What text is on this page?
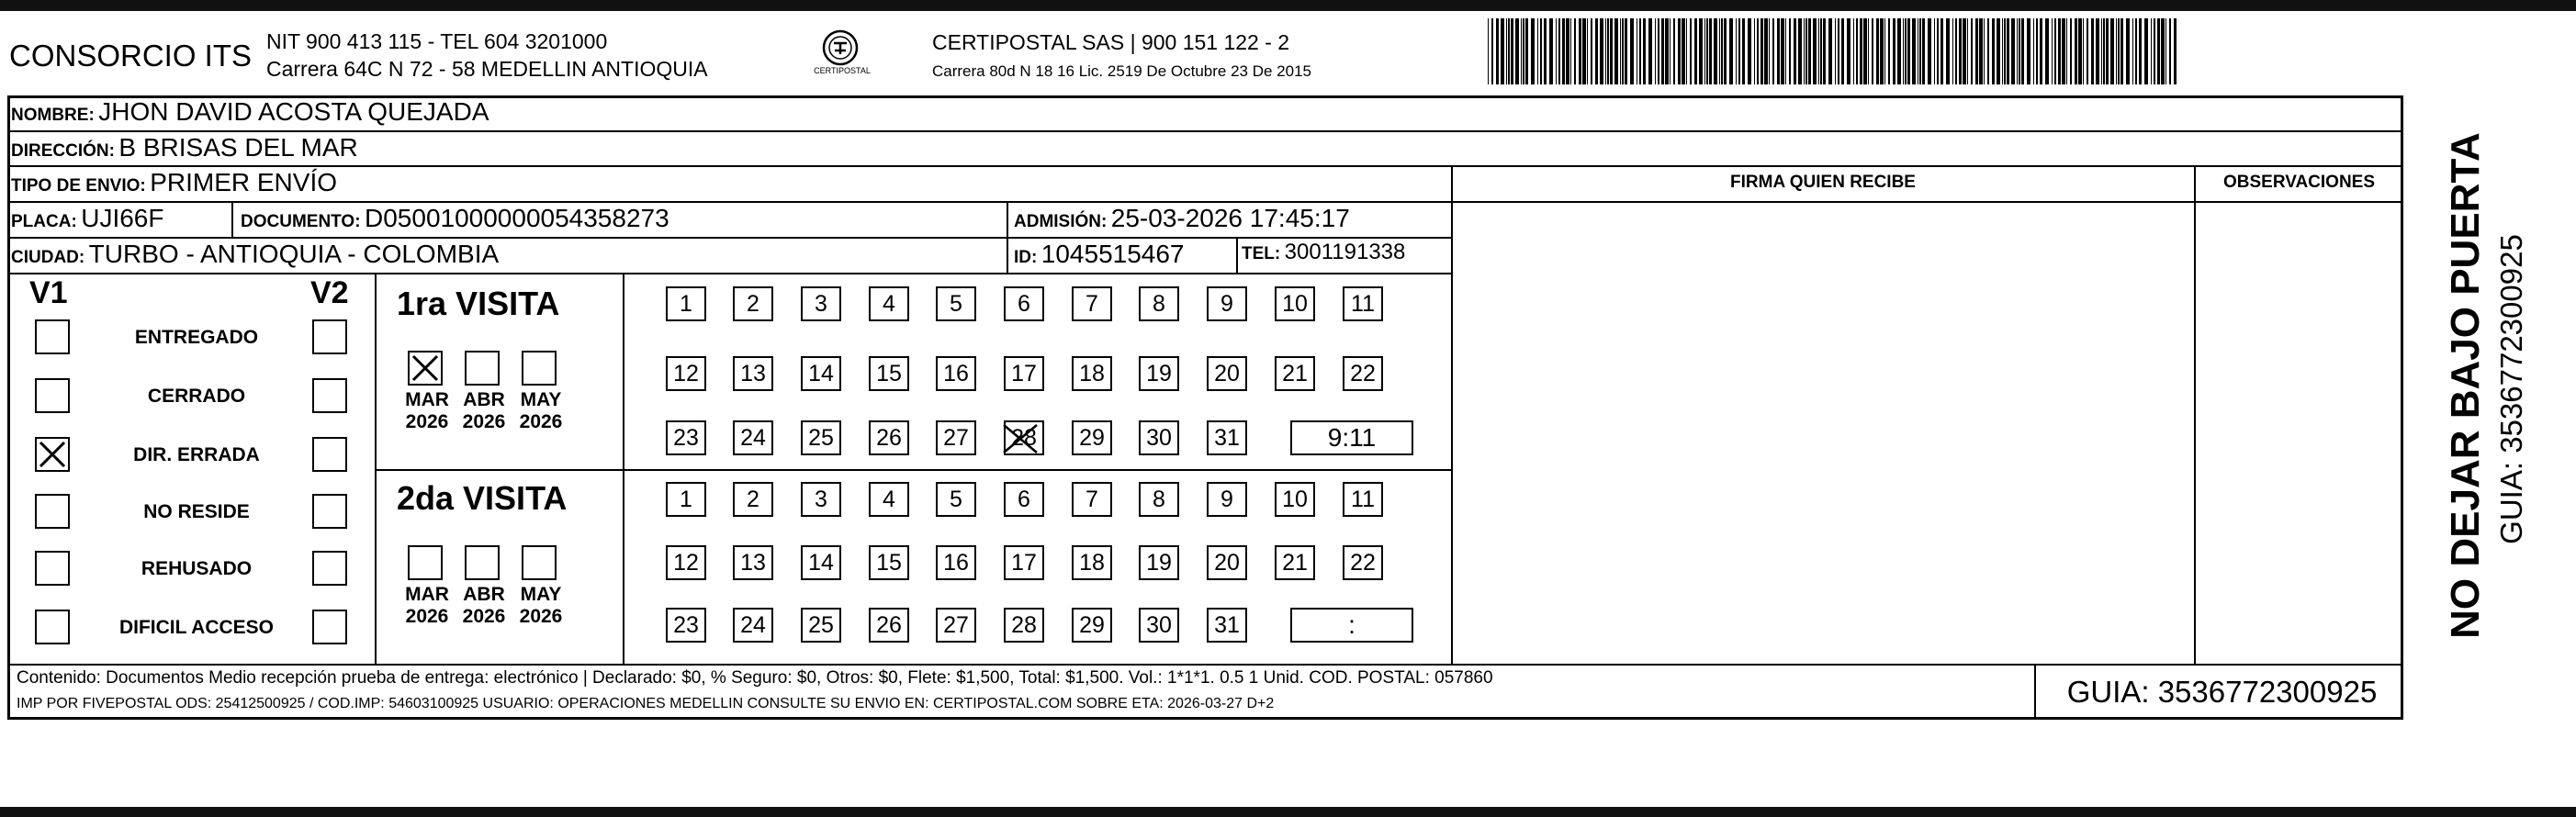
CONSORCIO ITS NIT 900 413 115 - TEL 604 3201000
Carrera 64C N 72 - 58 MEDELLIN ANTIOQUIA	CERTIPOSTAL
CERTIPOSTAL SAS | 900 151 122 - 2
Carrera 80d N 18 16 Lic. 2519 De Octubre 23 De 2015
NOMBRE: JHON DAVID ACOSTA QUEJADA
DIRECCIÓN: B BRISAS DEL MAR
TIPO DE ENVIO: PRIMER ENVÍO	FIRMA QUIEN RECIBE	OBSERVACIONES
PLACA: UJI66F	DOCUMENTO: D05001000000054358273	ADMISIÓN: 25-03-2026 17:45:17
CIUDAD: TURBO - ANTIOQUIA - COLOMBIA	ID: 1045515467	TEL: 3001191338
V1	V2
ENTREGADO
CERRADO
DIR. ERRADA
NO RESIDE
REHUSADO
DIFICIL ACCESO
1ra VISITA
2da VISITA
MAR
2026
ABR
2026
MAY
2026
MAR
2026
ABR
2026
MAY
2026
1	2	3	4	5	6	7	8	9	10	11
12	13	14	15	16	17	18	19	20	21	22
23	24	25	26	27	28	29	30	31	9:11
1	2	3	4	5	6	7	8	9	10	11
12	13	14	15	16	17	18	19	20	21	22
23	24	25	26	27	28	29	30	31	:
Contenido: Documentos Medio recepción prueba de entrega: electrónico | Declarado: $0, % Seguro: $0, Otros: $0, Flete: $1,500, Total: $1,500. Vol.: 1*1*1. 0.5 1 Unid. COD. POSTAL: 057860
IMP POR FIVEPOSTAL ODS: 25412500925 / COD.IMP: 54603100925 USUARIO: OPERACIONES MEDELLIN CONSULTE SU ENVIO EN: CERTIPOSTAL.COM SOBRE ETA: 2026-03-27 D+2	GUIA: 3536772300925
NO DEJAR BAJO PUERTA GUIA: 3536772300925
